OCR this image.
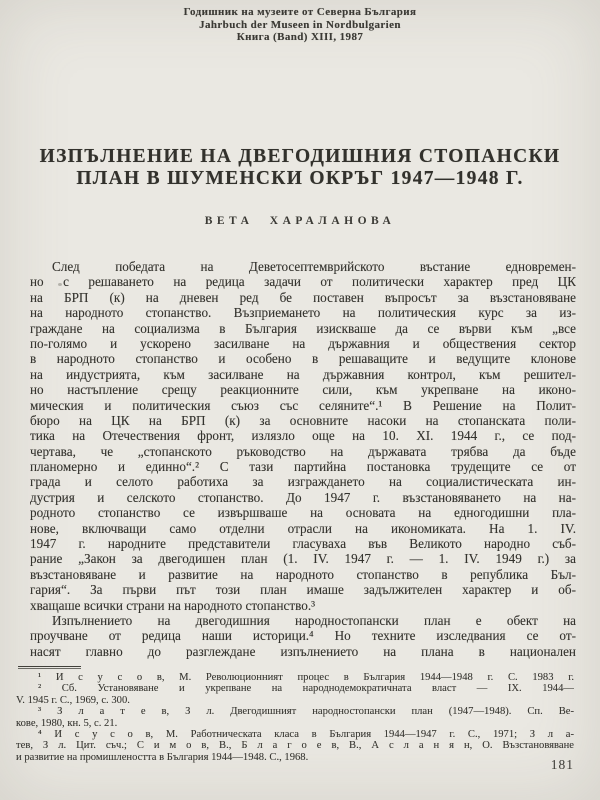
Годишник на музеите от Северна България
Jahrbuch der Museen in Nordbulgarien
Книга (Band) XIII, 1987
ИЗПЪЛНЕНИЕ НА ДВЕГОДИШНИЯ СТОПАНСКИ
ПЛАН В ШУМЕНСКИ ОКРЪГ 1947—1948 Г.
ВЕТА ХАРАЛАНОВА
След победата на Деветосептемврийското въстание едновремен-
но с решаването на редица задачи от политически характер пред ЦК
на БРП (к) на дневен ред бе поставен въпросът за възстановяване
на народното стопанство. Възприемането на политическия курс за из-
граждане на социализма в България изискваше да се върви към „все
по-голямо и ускорено засилване на държавния и обществения сектор
в народното стопанство и особено в решаващите и ведущите клонове
на индустрията, към засилване на държавния контрол, към решител-
но настъпление срещу реакционните сили, към укрепване на иконо-
мическия и политическия съюз със селяните“.¹ В Решение на Полит-
бюро на ЦК на БРП (к) за основните насоки на стопанската поли-
тика на Отечествения фронт, излязло още на 10. XI. 1944 г., се под-
чертава, че „стопанското ръководство на държавата трябва да бъде
планомерно и единно“.² С тази партийна постановка трудещите се от
града и селото работиха за изграждането на социалистическата ин-
дустрия и селското стопанство. До 1947 г. възстановяването на на-
родното стопанство се извършваше на основата на едногодишни пла-
нове, включващи само отделни отрасли на икономиката. На 1. IV.
1947 г. народните представители гласуваха във Великото народно съб-
рание „Закон за двегодишен план (1. IV. 1947 г. — 1. IV. 1949 г.) за
възстановяване и развитие на народното стопанство в република Бъл-
гария“. За първи път този план имаше задължителен характер и об-
хващаше всички страни на народното стопанство.³
Изпълнението на двегодишния народностопански план е обект на
проучване от редица наши историци.⁴ Но техните изследвания се от-
насят главно до разглеждане изпълнението на плана в национален
¹ И с у с о в, М. Революционният процес в България 1944—1948 г. С. 1983 г.
² Сб. Установяване и укрепване на народнодемократичната власт — IX. 1944—
V. 1945 г. С., 1969, с. 300.
³ З л а т е в, З л. Двегодишният народностопански план (1947—1948). Сп. Ве-
кове, 1980, кн. 5, с. 21.
⁴ И с у с о в, М. Работническата класа в България 1944—1947 г. С., 1971; З л а-
тев, З л. Цит. съч.; С и м о в, В., Б л а г о е в, В., А с л а н я н, О. Възстановяване
и развитие на промишлеността в България 1944—1948. С., 1968.	181
